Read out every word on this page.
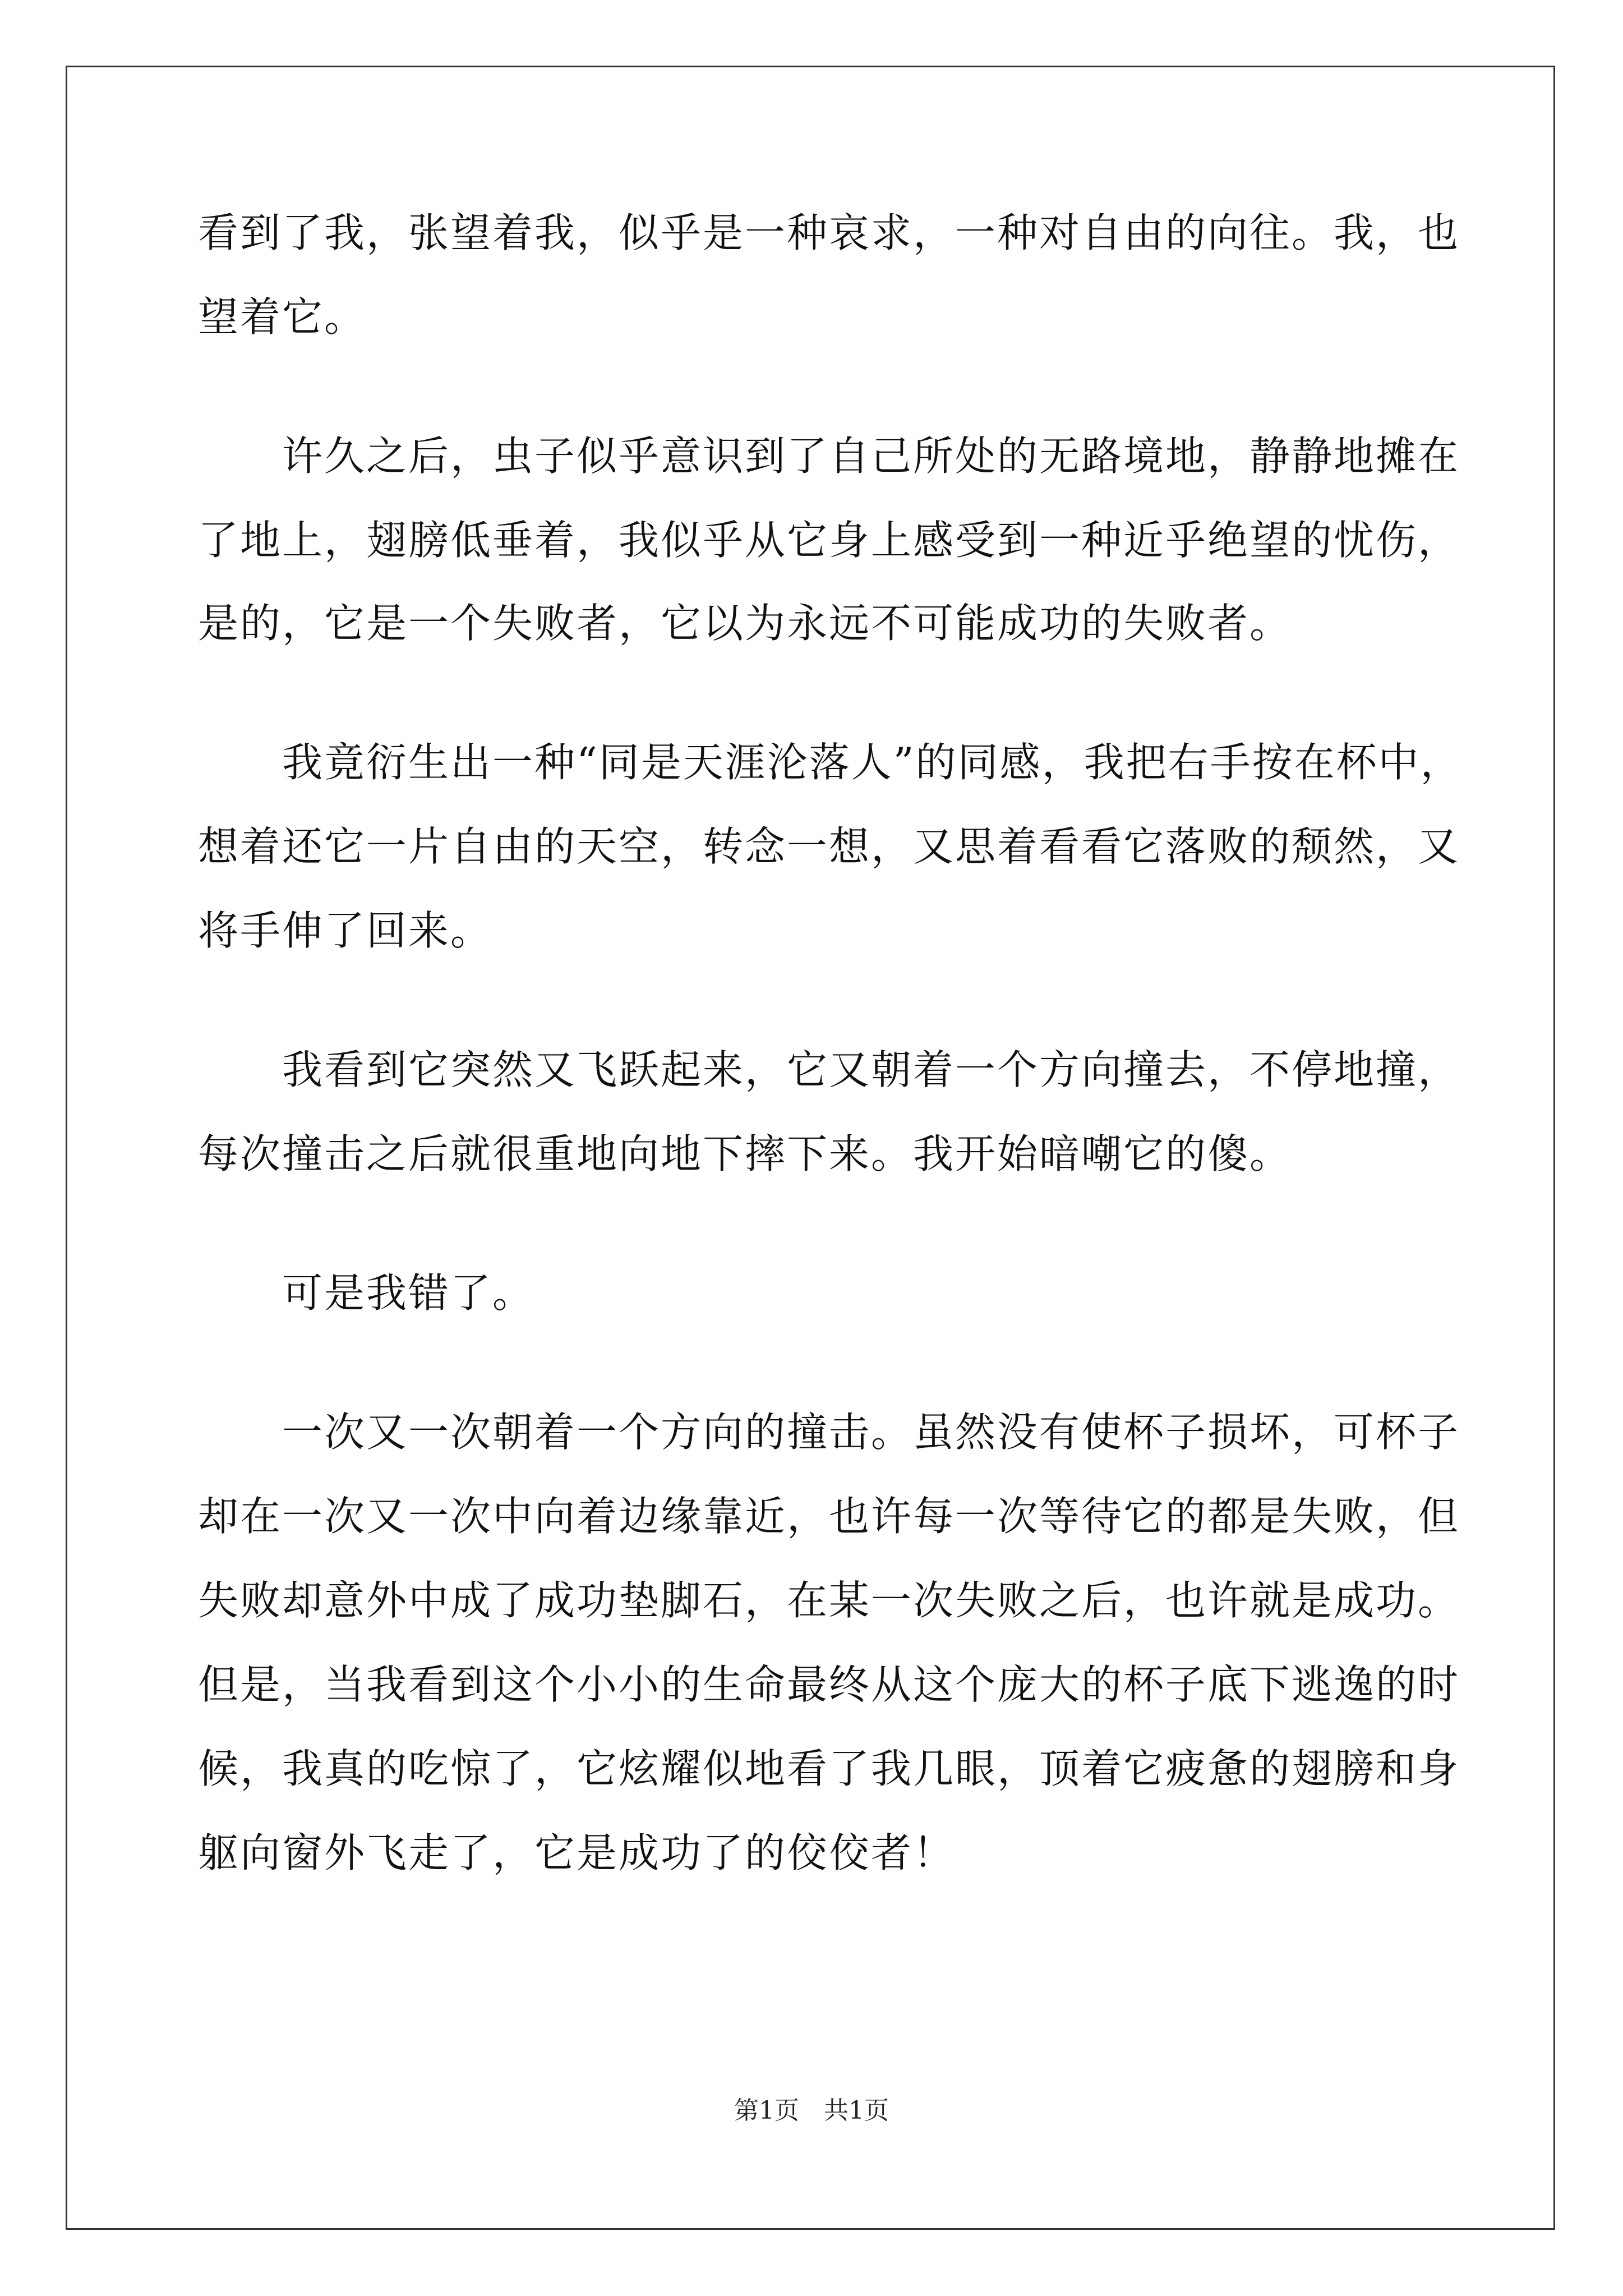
看到了我，张望着我，似乎是一种哀求，一种对自由的向往。我，也
望着它。
　　许久之后，虫子似乎意识到了自己所处的无路境地，静静地摊在
了地上，翅膀低垂着，我似乎从它身上感受到一种近乎绝望的忧伤，
是的，它是一个失败者，它以为永远不可能成功的失败者。
　　我竟衍生出一种“同是天涯沦落人”的同感，我把右手按在杯中，
想着还它一片自由的天空，转念一想，又思着看看它落败的颓然，又
将手伸了回来。
　　我看到它突然又飞跃起来，它又朝着一个方向撞去，不停地撞，
每次撞击之后就很重地向地下摔下来。我开始暗嘲它的傻。
　　可是我错了。
　　一次又一次朝着一个方向的撞击。虽然没有使杯子损坏，可杯子
却在一次又一次中向着边缘靠近，也许每一次等待它的都是失败，但
失败却意外中成了成功垫脚石，在某一次失败之后，也许就是成功。
但是，当我看到这个小小的生命最终从这个庞大的杯子底下逃逸的时
候，我真的吃惊了，它炫耀似地看了我几眼，顶着它疲惫的翅膀和身
躯向窗外飞走了，它是成功了的佼佼者！
第1页 共1页
